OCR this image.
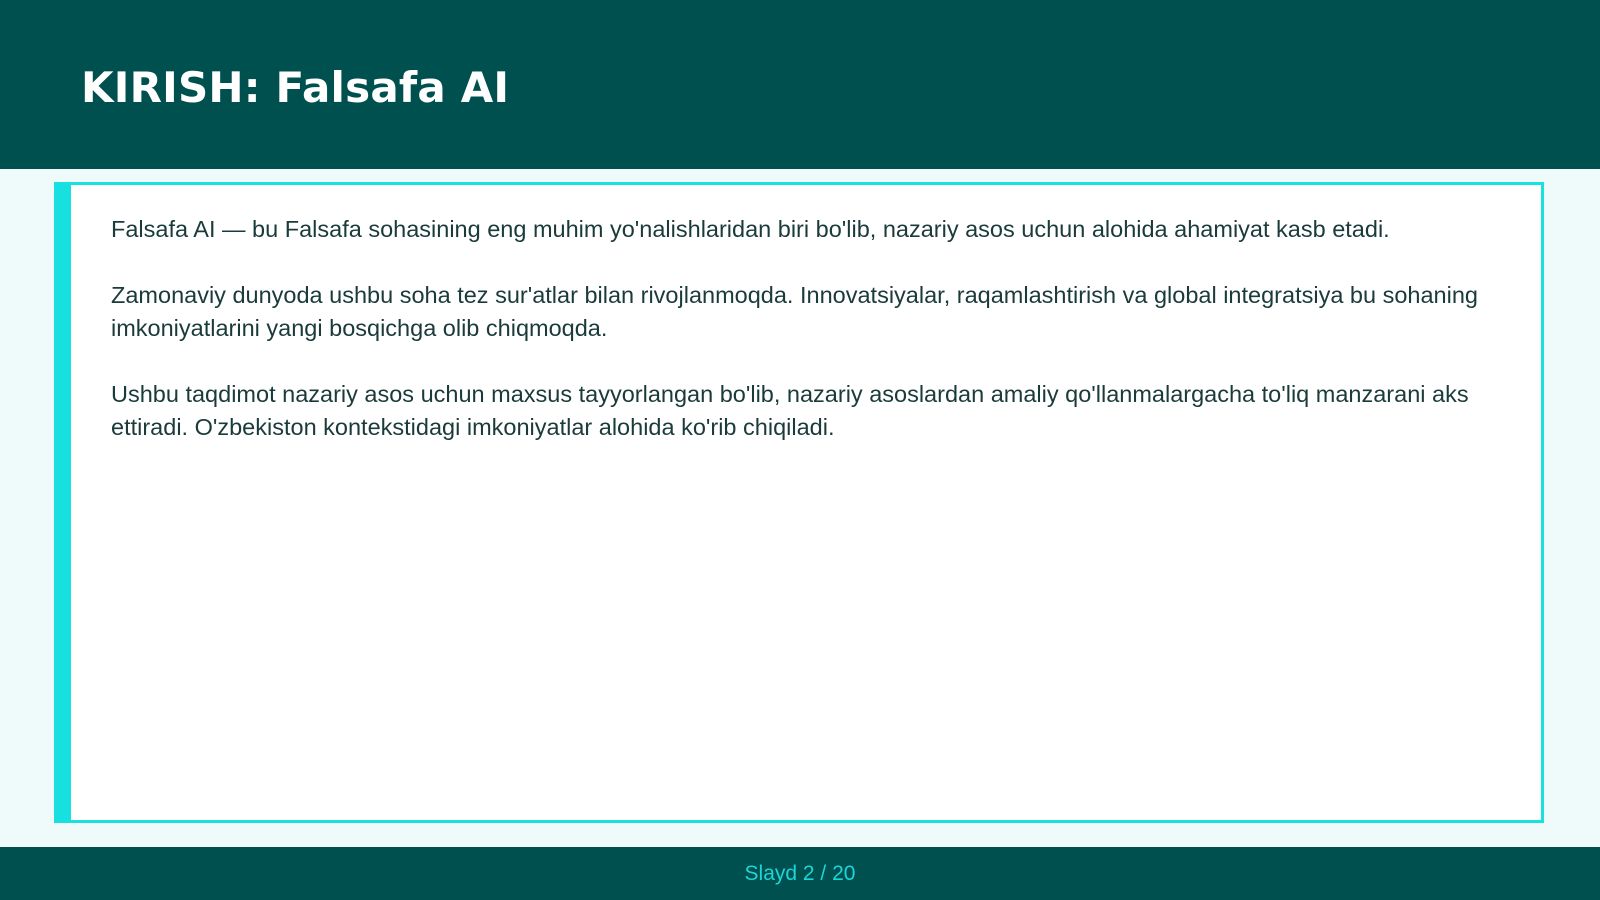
KIRISH: Falsafa AI

Falsafa AI — bu Falsafa sohasining eng muhim yo'nalishlaridan biri bo'lib, nazariy asos uchun alohida ahamiyat kasb etadi.

Zamonaviy dunyoda ushbu soha tez sur'atlar bilan rivojlanmoqda. Innovatsiyalar, raqamlashtirish va global integratsiya bu sohaning imkoniyatlarini yangi bosqichga olib chiqmoqda.

Ushbu taqdimot nazariy asos uchun maxsus tayyorlangan bo'lib, nazariy asoslardan amaliy qo'llanmalargacha to'liq manzarani aks ettiradi. O'zbekiston kontekstidagi imkoniyatlar alohida ko'rib chiqiladi.

Slayd 2 / 20
